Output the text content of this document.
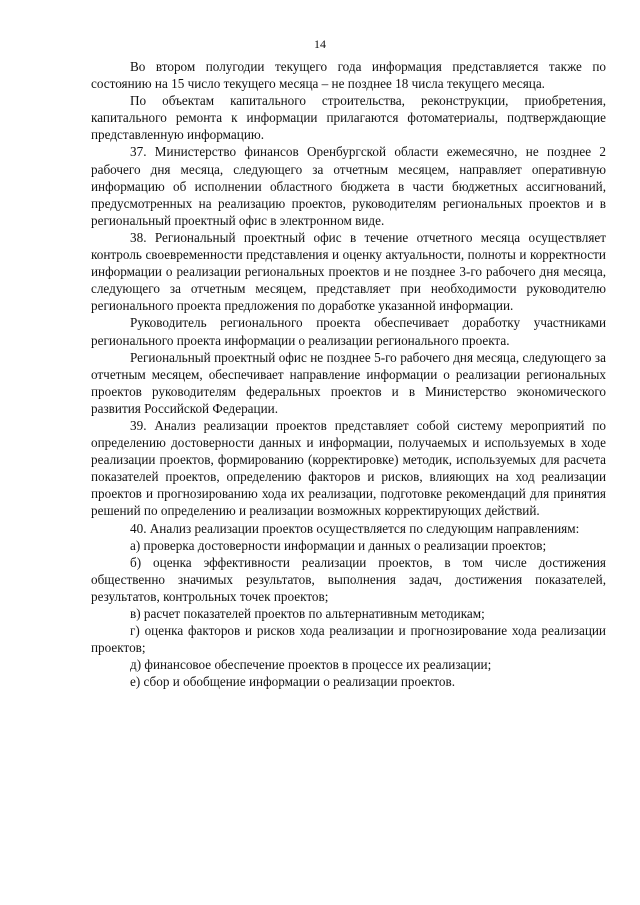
14

Во втором полугодии текущего года информация представляется также по состоянию на 15 число текущего месяца – не позднее 18 числа текущего месяца.

По объектам капитального строительства, реконструкции, приобретения, капитального ремонта к информации прилагаются фотоматериалы, подтверждающие представленную информацию.

37. Министерство финансов Оренбургской области ежемесячно, не позднее 2 рабочего дня месяца, следующего за отчетным месяцем, направляет оперативную информацию об исполнении областного бюджета в части бюджетных ассигнований, предусмотренных на реализацию проектов, руководителям региональных проектов и в региональный проектный офис в электронном виде.

38. Региональный проектный офис в течение отчетного месяца осуществляет контроль своевременности представления и оценку актуальности, полноты и корректности информации о реализации региональных проектов и не позднее 3-го рабочего дня месяца, следующего за отчетным месяцем, представляет при необходимости руководителю регионального проекта предложения по доработке указанной информации.

Руководитель регионального проекта обеспечивает доработку участниками регионального проекта информации о реализации регионального проекта.

Региональный проектный офис не позднее 5-го рабочего дня месяца, следующего за отчетным месяцем, обеспечивает направление информации о реализации региональных проектов руководителям федеральных проектов и в Министерство экономического развития Российской Федерации.

39. Анализ реализации проектов представляет собой систему мероприятий по определению достоверности данных и информации, получаемых и используемых в ходе реализации проектов, формированию (корректировке) методик, используемых для расчета показателей проектов, определению факторов и рисков, влияющих на ход реализации проектов и прогнозированию хода их реализации, подготовке рекомендаций для принятия решений по определению и реализации возможных корректирующих действий.

40. Анализ реализации проектов осуществляется по следующим направлениям:

а) проверка достоверности информации и данных о реализации проектов;

б) оценка эффективности реализации проектов, в том числе достижения общественно значимых результатов, выполнения задач, достижения показателей, результатов, контрольных точек проектов;

в) расчет показателей проектов по альтернативным методикам;

г) оценка факторов и рисков хода реализации и прогнозирование хода реализации проектов;

д) финансовое обеспечение проектов в процессе их реализации;

е) сбор и обобщение информации о реализации проектов.
